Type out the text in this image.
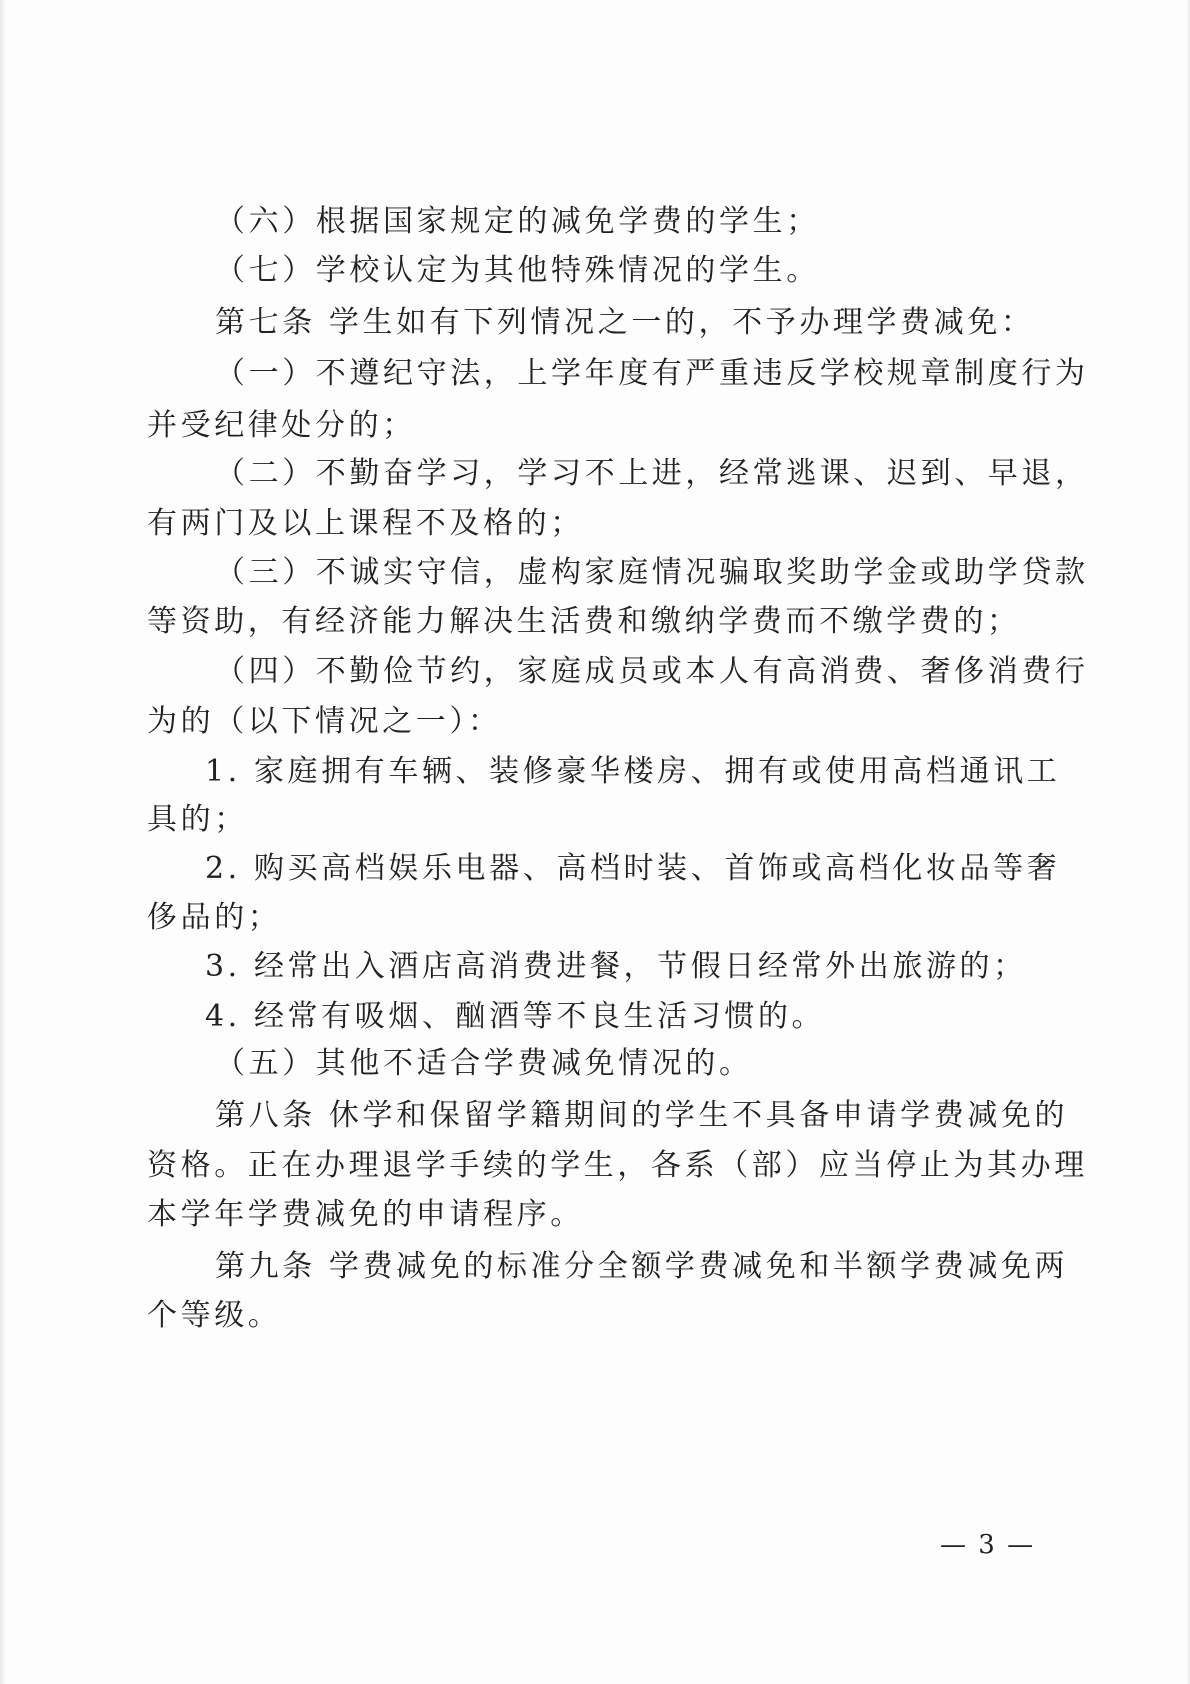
（六）根据国家规定的减免学费的学生；
（七）学校认定为其他特殊情况的学生。
第七条 学生如有下列情况之一的，不予办理学费减免：
（一）不遵纪守法，上学年度有严重违反学校规章制度行为
并受纪律处分的；
（二）不勤奋学习，学习不上进，经常逃课、迟到、早退，
有两门及以上课程不及格的；
（三）不诚实守信，虚构家庭情况骗取奖助学金或助学贷款
等资助，有经济能力解决生活费和缴纳学费而不缴学费的；
（四）不勤俭节约，家庭成员或本人有高消费、奢侈消费行
为的（以下情况之一）：
1. 家庭拥有车辆、装修豪华楼房、拥有或使用高档通讯工
具的；
2. 购买高档娱乐电器、高档时装、首饰或高档化妆品等奢
侈品的；
3. 经常出入酒店高消费进餐，节假日经常外出旅游的；
4. 经常有吸烟、酗酒等不良生活习惯的。
（五）其他不适合学费减免情况的。
第八条 休学和保留学籍期间的学生不具备申请学费减免的
资格。正在办理退学手续的学生，各系（部）应当停止为其办理
本学年学费减免的申请程序。
第九条 学费减免的标准分全额学费减免和半额学费减免两
个等级。
— 3 —
